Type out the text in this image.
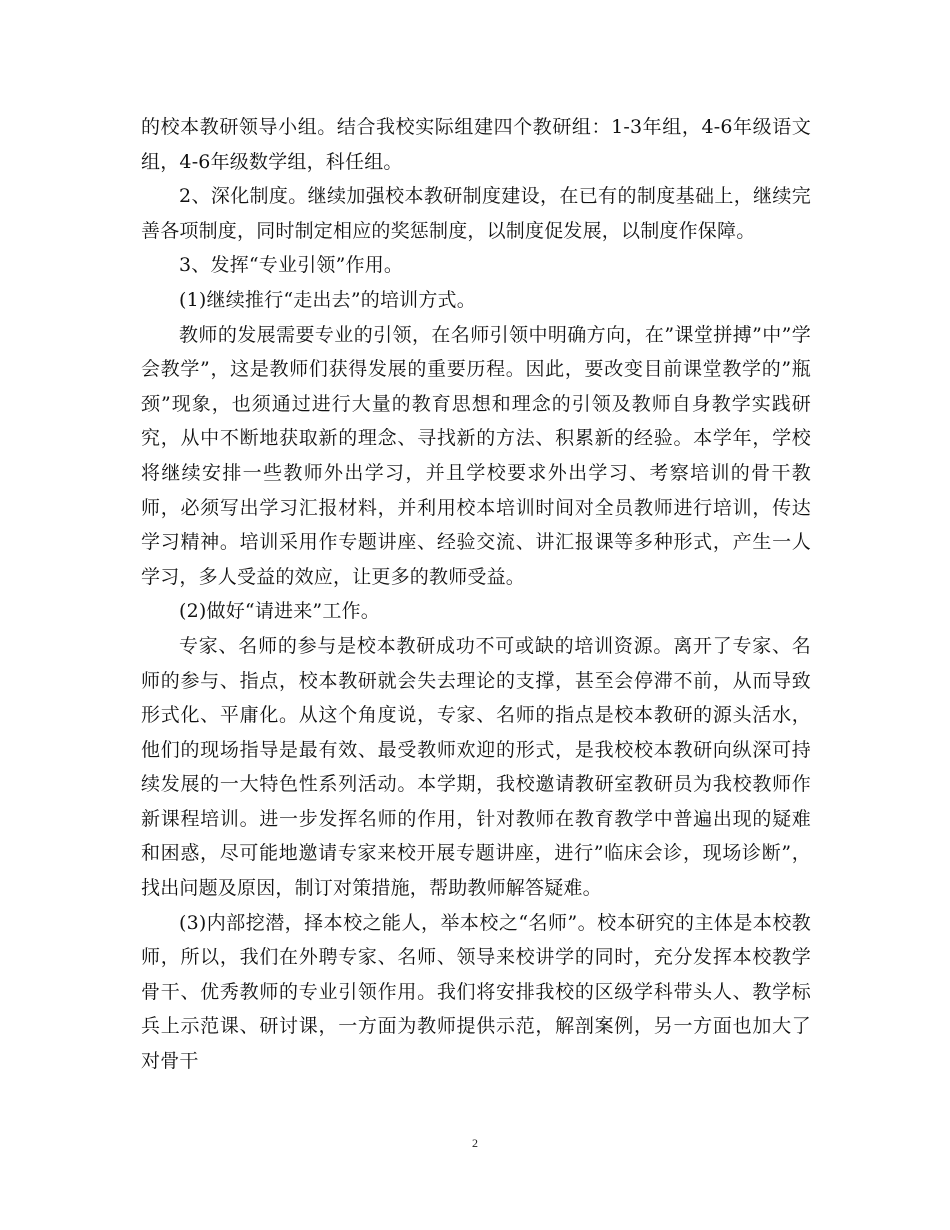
的校本教研领导小组。结合我校实际组建四个教研组：1-3年组，4-6年级语文组，4-6年级数学组，科任组。

2、深化制度。继续加强校本教研制度建设，在已有的制度基础上，继续完善各项制度，同时制定相应的奖惩制度，以制度促发展，以制度作保障。

3、发挥“专业引领”作用。

(1)继续推行“走出去”的培训方式。

教师的发展需要专业的引领，在名师引领中明确方向，在”课堂拼搏”中”学会教学”，这是教师们获得发展的重要历程。因此，要改变目前课堂教学的”瓶颈”现象，也须通过进行大量的教育思想和理念的引领及教师自身教学实践研究，从中不断地获取新的理念、寻找新的方法、积累新的经验。本学年，学校将继续安排一些教师外出学习，并且学校要求外出学习、考察培训的骨干教师，必须写出学习汇报材料，并利用校本培训时间对全员教师进行培训，传达学习精神。培训采用作专题讲座、经验交流、讲汇报课等多种形式，产生一人学习，多人受益的效应，让更多的教师受益。

(2)做好“请进来”工作。

专家、名师的参与是校本教研成功不可或缺的培训资源。离开了专家、名师的参与、指点，校本教研就会失去理论的支撑，甚至会停滞不前，从而导致形式化、平庸化。从这个角度说，专家、名师的指点是校本教研的源头活水，他们的现场指导是最有效、最受教师欢迎的形式，是我校校本教研向纵深可持续发展的一大特色性系列活动。本学期，我校邀请教研室教研员为我校教师作新课程培训。进一步发挥名师的作用，针对教师在教育教学中普遍出现的疑难和困惑，尽可能地邀请专家来校开展专题讲座，进行”临床会诊，现场诊断”，找出问题及原因，制订对策措施，帮助教师解答疑难。

(3)内部挖潜，择本校之能人，举本校之“名师”。校本研究的主体是本校教师，所以，我们在外聘专家、名师、领导来校讲学的同时，充分发挥本校教学骨干、优秀教师的专业引领作用。我们将安排我校的区级学科带头人、教学标兵上示范课、研讨课，一方面为教师提供示范，解剖案例，另一方面也加大了对骨干

2
